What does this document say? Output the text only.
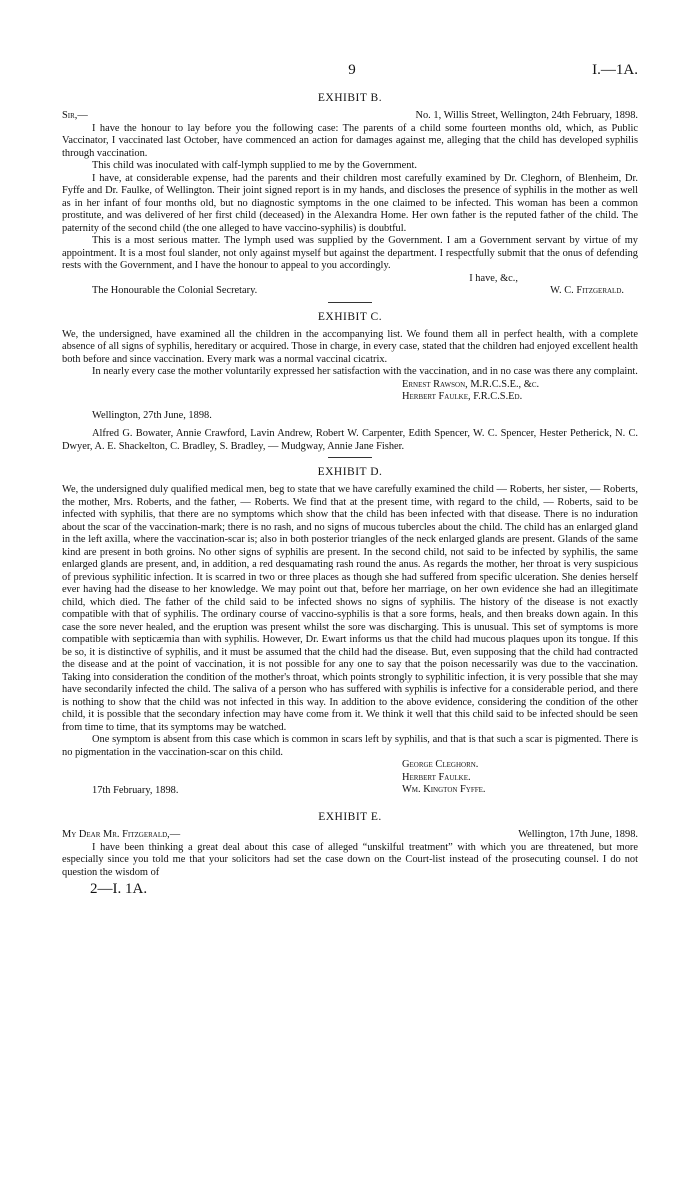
9	I.—1A.
EXHIBIT B.
Sir,—	No. 1, Willis Street, Wellington, 24th February, 1898.

I have the honour to lay before you the following case: The parents of a child some fourteen months old, which, as Public Vaccinator, I vaccinated last October, have commenced an action for damages against me, alleging that the child has developed syphilis through vaccination.

This child was inoculated with calf-lymph supplied to me by the Government.

I have, at considerable expense, had the parents and their children most carefully examined by Dr. Cleghorn, of Blenheim, Dr. Fyffe and Dr. Faulke, of Wellington. Their joint signed report is in my hands, and discloses the presence of syphilis in the mother as well as in her infant of four months old, but no diagnostic symptoms in the one claimed to be infected. This woman has been a common prostitute, and was delivered of her first child (deceased) in the Alexandra Home. Her own father is the reputed father of the child. The paternity of the second child (the one alleged to have vaccino-syphilis) is doubtful.

This is a most serious matter. The lymph used was supplied by the Government. I am a Government servant by virtue of my appointment. It is a most foul slander, not only against myself but against the department. I respectfully submit that the onus of defending rests with the Government, and I have the honour to appeal to you accordingly.

I have, &c.,

The Honourable the Colonial Secretary.	W. C. Fitzgerald.
EXHIBIT C.

We, the undersigned, have examined all the children in the accompanying list. We found them all in perfect health, with a complete absence of all signs of syphilis, hereditary or acquired. Those in charge, in every case, stated that the children had enjoyed excellent health both before and since vaccination. Every mark was a normal vaccinal cicatrix.

In nearly every case the mother voluntarily expressed her satisfaction with the vaccination, and in no case was there any complaint.

Ernest Rawson, M.R.C.S.E., &c.
Herbert Faulke, F.R.C.S.Ed.

Wellington, 27th June, 1898.

Alfred G. Bowater, Annie Crawford, Lavin Andrew, Robert W. Carpenter, Edith Spencer, W. C. Spencer, Hester Petherick, N. C. Dwyer, A. E. Shackelton, C. Bradley, S. Bradley, — Mudgway, Annie Jane Fisher.

EXHIBIT D.

We, the undersigned duly qualified medical men, beg to state that we have carefully examined the child — Roberts, her sister, — Roberts, the mother, Mrs. Roberts, and the father, — Roberts. We find that at the present time, with regard to the child, — Roberts, said to be infected with syphilis, that there are no symptoms which show that the child has been infected with that disease. There is no induration about the scar of the vaccination-mark; there is no rash, and no signs of mucous tubercles about the child. The child has an enlarged gland in the left axilla, where the vaccination-scar is; also in both posterior triangles of the neck enlarged glands are present. Glands of the same kind are present in both groins. No other signs of syphilis are present. In the second child, not said to be infected by syphilis, the same enlarged glands are present, and, in addition, a red desquamating rash round the anus. As regards the mother, her throat is very suspicious of previous syphilitic infection. It is scarred in two or three places as though she had suffered from specific ulceration. She denies herself ever having had the disease to her knowledge. We may point out that, before her marriage, on her own evidence she had an illegitimate child, which died. The father of the child said to be infected shows no signs of syphilis. The history of the disease is not exactly compatible with that of syphilis. The ordinary course of vaccino-syphilis is that a sore forms, heals, and then breaks down again. In this case the sore never healed, and the eruption was present whilst the sore was discharging. This is unusual. This set of symptoms is more compatible with septicæmia than with syphilis. However, Dr. Ewart informs us that the child had mucous plaques upon its tongue. If this be so, it is distinctive of syphilis, and it must be assumed that the child had the disease. But, even supposing that the child had contracted the disease and at the point of vaccination, it is not possible for any one to say that the poison necessarily was due to the vaccination. Taking into consideration the condition of the mother's throat, which points strongly to syphilitic infection, it is very possible that she may have secondarily infected the child. The saliva of a person who has suffered with syphilis is infective for a considerable period, and there is nothing to show that the child was not infected in this way. In addition to the above evidence, considering the condition of the other child, it is possible that the secondary infection may have come from it. We think it well that this child said to be infected should be seen from time to time, that its symptoms may be watched.

One symptom is absent from this case which is common in scars left by syphilis, and that is that such a scar is pigmented. There is no pigmentation in the vaccination-scar on this child.

George Cleghorn.
Herbert Faulke.
Wm. Kington Fyffe.

17th February, 1898.

EXHIBIT E.
My Dear Mr. Fitzgerald,—	Wellington, 17th June, 1898.

I have been thinking a great deal about this case of alleged “unskilful treatment” with which you are threatened, but more especially since you told me that your solicitors had set the case down on the Court-list instead of the prosecuting counsel. I do not question the wisdom of

2—I. 1A.
